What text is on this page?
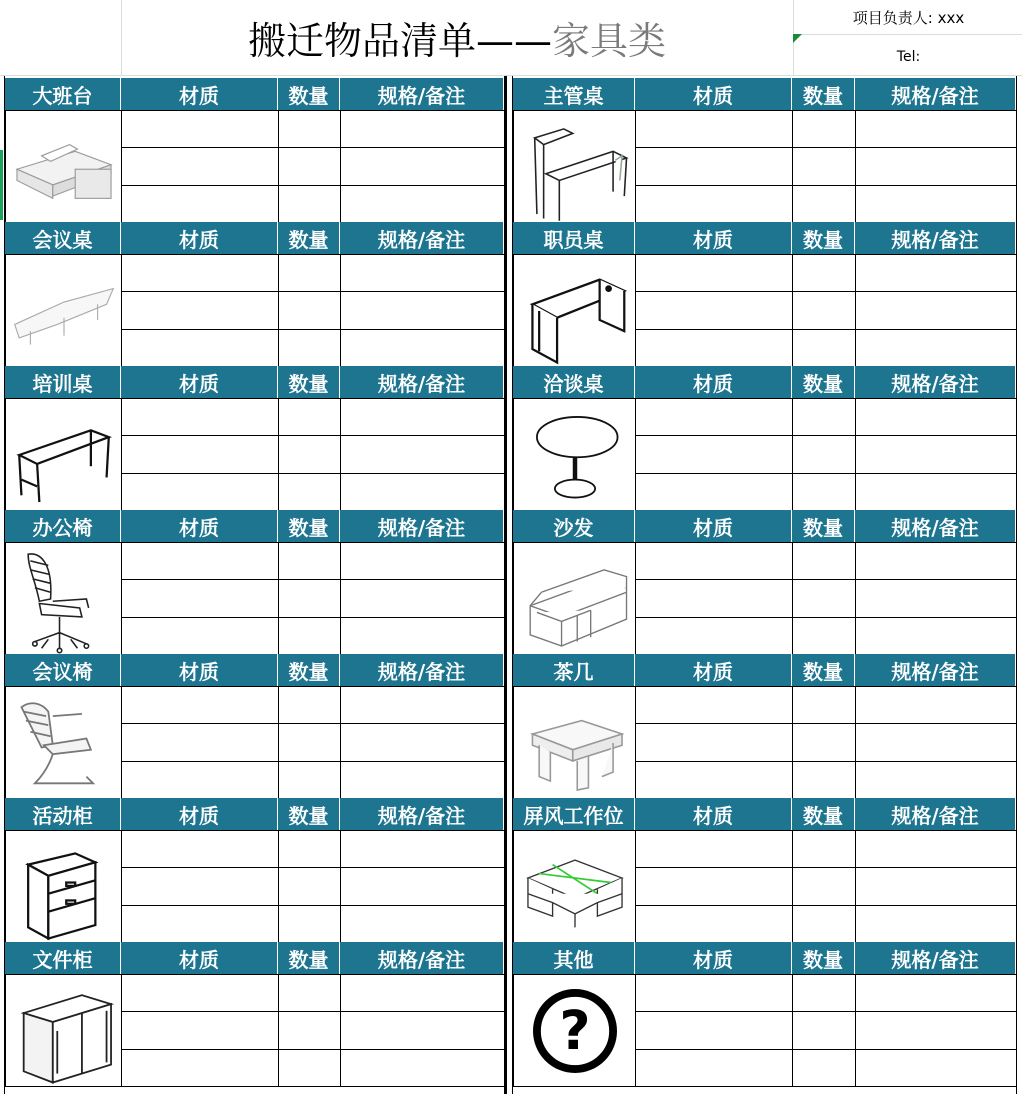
搬迁物品清单—— 家具类
项目负责人: xxx
Tel:
大班台	材质	数量	规格/备注
会议桌	材质	数量	规格/备注
培训桌	材质	数量	规格/备注
办公椅	材质	数量	规格/备注
会议椅	材质	数量	规格/备注
活动柜	材质	数量	规格/备注
文件柜	材质	数量	规格/备注
主管桌	材质	数量	规格/备注
职员桌	材质	数量	规格/备注
洽谈桌	材质	数量	规格/备注
沙发	材质	数量	规格/备注
茶几	材质	数量	规格/备注
屏风工作位	材质	数量	规格/备注
其他	材质	数量	规格/备注
?
